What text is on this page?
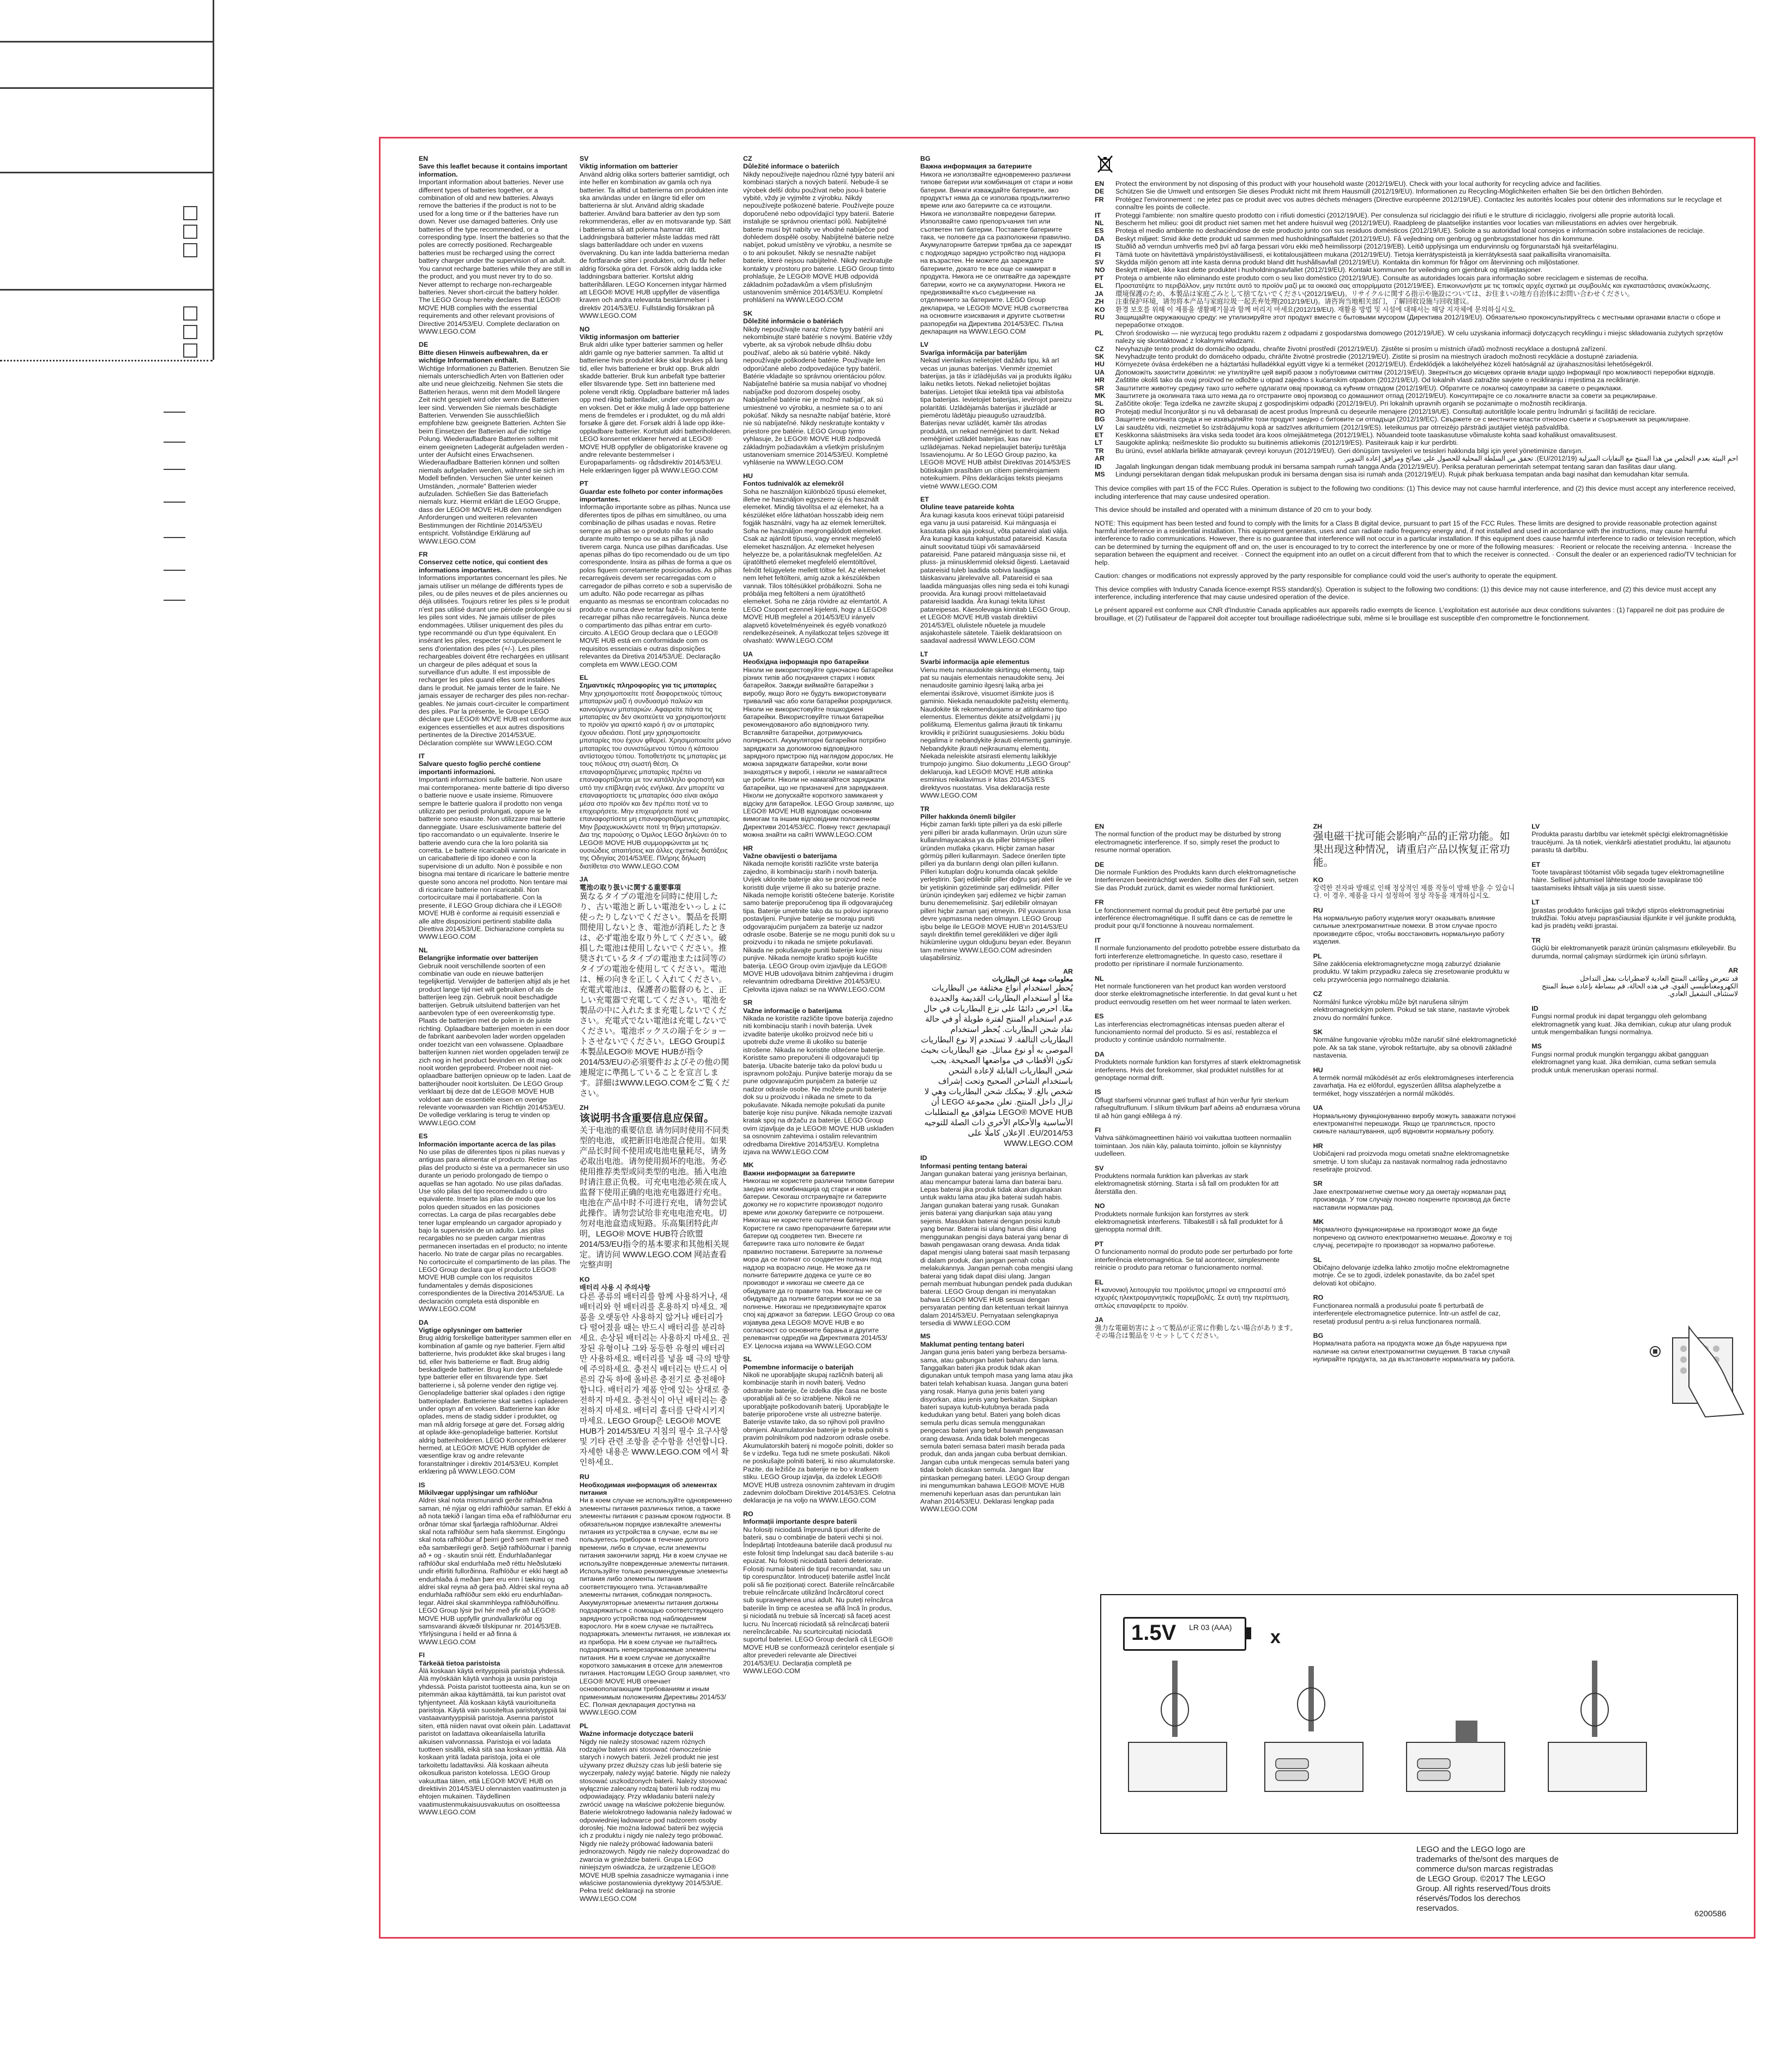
EN
Save this leaflet because it contains important information.

Important information about batteries. Never use different types of batteries together, or a combination of old and new batteries. Always remove the batteries if the product is not to be used for a long time or if the batteries have run down. Never use damaged batteries. Only use batteries of the type recommended, or a corresponding type. Insert the batteries so that the poles are correctly positioned. Rechargeable batteries must be recharged using the correct battery charger under the supervision of an adult. You cannot recharge batteries while they are still in the product, and you must never try to do so. Never attempt to recharge non-rechargeable batteries. Never short-circuit the battery holder. The LEGO Group hereby declares that LEGO® MOVE HUB complies with the essential requirements and other relevant provisions of Directive 2014/53/EU. Complete declaration on WWW.LEGO.COM

DE
Bitte diesen Hinweis aufbewahren, da er wichtige Informationen enthält.

Wichtige Informationen zu Batterien. Benutzen Sie niemals unterschiedlich Arten von Batterien oder alte und neue gleichzeitig. Nehmen Sie stets die Batterien heraus, wenn mit dem Modell längere Zeit nicht gespielt wird oder wenn die Batterien leer sind. Verwenden Sie niemals beschädigte Batterien. Verwenden Sie ausschließlich empfohlene bzw. geeignete Batterien. Achten Sie beim Einsetzen der Batterien auf die richtige Polung. Wiederaufladbare Batterien sollten mit einem geeigneten Ladegerät aufgeladen werden - unter der Aufsicht eines Erwachsenen. Wiederaufladbare Batterien können und sollten niemals aufgeladen werden, während sie sich im Modell befinden. Versuchen Sie unter keinen Umständen, „normale" Batterien wieder aufzuladen. Schließen Sie das Batteriefach niemals kurz. Hiermit erklärt die LEGO Gruppe, dass der LEGO® MOVE HUB den notwendigen Anforderungen und weiteren relevanten Bestimmungen der Richtlinie 2014/53/EU entspricht. Vollständige Erklärung auf WWW.LEGO.COM

FR
Conservez cette notice, qui contient des informations importantes.

Informations importantes concernant les piles. Ne jamais utiliser un mélange de différents types de piles, ou de piles neuves et de piles anciennes ou déjà utilisées. Toujours retirer les piles si le produit n'est pas utilisé durant une période prolongée ou si les piles sont vides. Ne jamais utiliser de piles endommagées. Utiliser uniquement des piles du type recommandé ou d'un type équivalent. En insérant les piles, respecter scrupuleusement le sens d'orientation des piles (+/-). Les piles rechargeables doivent être rechargées en utilisant un chargeur de piles adéquat et sous la surveillance d'un adulte. Il est impossible de recharger les piles quand elles sont installées dans le produit. Ne jamais tenter de le faire. Ne jamais essayer de recharger des piles non-rechar- geables. Ne jamais court-circuiter le compartiment des piles. Par la présente, le Groupe LEGO déclare que LEGO® MOVE HUB est conforme aux exigences essentielles et aux autres dispositions pertinentes de la Directive 2014/53/UE. Déclaration complète sur WWW.LEGO.COM

IT
Salvare questo foglio perché contiene importanti informazioni.

Importanti informazioni sulle batterie. Non usare mai contemporanea- mente batterie di tipo diverso o batterie nuove e usate insieme. Rimuovere sempre le batterie qualora il prodotto non venga utilizzato per periodi prolungati, oppure se le batterie sono esauste. Non utilizzare mai batterie danneggiate. Usare esclusivamente batterie del tipo raccomandato o un equivalente. Inserire le batterie avendo cura che la loro polarità sia corretta. Le batterie ricaricabili vanno ricaricate in un caricabatterie di tipo idoneo e con la supervisione di un adulto. Non è possibile e non bisogna mai tentare di ricaricare le batterie mentre queste sono ancora nel prodotto. Non tentare mai di ricaricare batterie non ricaricabili. Non cortocircuitare mai il portabatterie. Con la presente, il LEGO Group dichiara che il LEGO® MOVE HUB è conforme ai requisiti essenziali e alle altre disposizioni pertinenti stabilite dalla Direttiva 2014/53/UE. Dichiarazione completa su WWW.LEGO.COM

NL
Belangrijke informatie over batterijen

Gebruik nooit verschillende soorten of een combinatie van oude en nieuwe batterijen tegelijkertijd. Verwijder de batterijen altijd als je het product lange tijd niet wilt gebruiken of als de batterijen leeg zijn. Gebruik nooit beschadigde batterijen. Gebruik uitsluitend batterijen van het aanbevolen type of een overeenkomstig type. Plaats de batterijen met de polen in de juiste richting. Oplaadbare batterijen moeten in een door de fabrikant aanbevolen lader worden opgeladen onder toezicht van een volwassene. Oplaadbare batterijen kunnen niet worden opgeladen terwijl ze zich nog in het product bevinden en dit mag ook nooit worden geprobeerd. Probeer nooit niet-oplaadbare batterijen opnieuw op te laden. Laat de batterijhouder nooit kortsluiten. De LEGO Group verklaart bij deze dat de LEGO® MOVE HUB voldoet aan de essentiële eisen en overige relevante voorwaarden van Richtlijn 2014/53/EU. De volledige verklaring is terug te vinden op WWW.LEGO.COM

ES
Información importante acerca de las pilas

No use pilas de diferentes tipos ni pilas nuevas y antiguas para alimentar el producto. Retire las pilas del producto si éste va a permanecer sin uso durante un periodo prolongado de tiempo o aquellas se han agotado. No use pilas dañadas. Use sólo pilas del tipo recomendado u otro equivalente. Inserte las pilas de modo que los polos queden situados en las posiciones correctas. La carga de pilas recargables debe tener lugar empleando un cargador apropiado y bajo la supervisión de un adulto. Las pilas recargables no se pueden cargar mientras permanecen insertadas en el producto; no intente hacerlo. No trate de cargar pilas no recargables. No cortocircuite el compartimento de las pilas. The LEGO Group declara que el producto LEGO® MOVE HUB cumple con los requisitos fundamentales y demás disposiciones correspondientes de la Directiva 2014/53/UE. La declaración completa está disponible en WWW.LEGO.COM

DA
Vigtige oplysninger om batterier

Brug aldrig forskellige batterityper sammen eller en kombination af gamle og nye batterier. Fjern altid batterierne, hvis produktet ikke skal bruges i lang tid, eller hvis batterierne er fladt. Brug aldrig beskadigede batterier. Brug kun den anbefalede type batterier eller en tilsvarende type. Sæt batterierne i, så polerne vender den rigtige vej. Genopladelige batterier skal oplades i den rigtige batterioplader. Batterierne skal sættes i opladeren under opsyn af en voksen. Batterierne kan ikke oplades, mens de stadig sidder i produktet, og man må aldrig forsøge at gøre det. Forsøg aldrig at oplade ikke-genopladelige batterier. Kortslut aldrig batteriholderen. LEGO Koncernen erklærer hermed, at LEGO® MOVE HUB opfylder de væsentlige krav og andre relevante foranstaltninger i direktiv 2014/53/EU. Komplet erklæring på WWW.LEGO.COM

IS
Mikilvægar upplýsingar um rafhlöður

Aldrei skal nota mismunandi gerðir rafhlaðna saman, né nýjar og eldri rafhlöður saman. Ef ekki á að nota tækið í langan tíma eða ef rafhlöðurnar eru orðnar tómar skal fjarlægja rafhlöðurnar. Aldrei skal nota rafhlöður sem hafa skemmst. Eingöngu skal nota rafhlöður af þeirri gerð sem mælt er með eða sambærilegri gerð. Setjið rafhlöðurnar í þannig að + og - skautin snúi rétt. Endurhlaðanlegar rafhlöður skal endurhlaða með réttu hleðslutæki undir eftirliti fullorðinna. Rafhlöður er ekki hægt að endurhlaða á meðan þær eru enn í tækinu og aldrei skal reyna að gera það. Aldrei skal reyna að endurhlaða rafhlöður sem ekki eru endurhlaðan- legar. Aldrei skal skammhleypa rafhlöðuhólfinu. LEGO Group lýsir því hér með yfir að LEGO® MOVE HUB uppfyllir grundvallarkröfur og samsvarandi ákvæði tilskipunar nr. 2014/53/EB. Yfirlýsinguna í heild er að finna á WWW.LEGO.COM

FI
Tärkeää tietoa paristoista

Älä koskaan käytä erityyppisiä paristoja yhdessä. Älä myöskään käytä vanhoja ja uusia paristoja yhdessä. Poista paristot tuotteesta aina, kun se on pitemmän aikaa käyttämättä, tai kun paristot ovat tyhjentyneet. Älä koskaan käytä vaurioituneita paristoja. Käytä vain suositeltua paristotyyppiä tai vastaavantyyppisiä paristoja. Asenna paristot siten, että niiden navat ovat oikein päin. Ladattavat paristot on ladattava oikeanlaisella laturilla aikuisen valvonnassa. Paristoja ei voi ladata tuotteen sisällä, eikä sitä saa koskaan yrittää. Älä koskaan yritä ladata paristoja, joita ei ole tarkoitettu ladattaviksi. Älä koskaan aiheuta oikosulkua pariston kotelossa. LEGO Group vakuuttaa täten, että LEGO® MOVE HUB on direktiivin 2014/53/EU olennaisten vaatimusten ja ehtojen mukainen. Täydellinen vaatimustenmukaisuusvakuutus on osoitteessa WWW.LEGO.COM

SV
Viktig information om batterier

Använd aldrig olika sorters batterier samtidigt, och inte heller en kombination av gamla och nya batterier. Ta alltid ut batterierna om produkten inte ska användas under en längre tid eller om batterierna är slut. Använd aldrig skadade batterier. Använd bara batterier av den typ som rekommenderas, eller av en motsvarande typ. Sätt i batterierna så att polerna hamnar rätt. Laddningsbara batterier måste laddas med rätt slags batteriladdare och under en vuxens övervakning. Du kan inte ladda batterierna medan de fortfarande sitter i produkten, och du får heller aldrig försöka göra det. Försök aldrig ladda icke laddningsbara batterier. Kortslut aldrig batterihållaren. LEGO Koncernen intygar härmed att LEGO® MOVE HUB uppfyller de väsentliga kraven och andra relevanta bestämmelser i direktiv 2014/53/EU. Fullständig försäkran på WWW.LEGO.COM

NO
Viktig informasjon om batterier

Bruk aldri ulike typer batterier sammen og heller aldri gamle og nye batterier sammen. Ta alltid ut batteriene hvis produktet ikke skal brukes på lang tid, eller hvis batteriene er brukt opp. Bruk aldri skadde batterier. Bruk kun anbefalt type batterier eller tilsvarende type. Sett inn batteriene med polene vendt riktig. Oppladbare batterier må lades opp med riktig batterilader, under overoppsyn av en voksen. Det er ikke mulig å lade opp batteriene mens de fremdeles er i produktet, og du må aldri forsøke å gjøre det. Forsøk aldri å lade opp ikke-oppladbare batterier. Kortslutt aldri batteriholderen. LEGO konsernet erklærer herved at LEGO® MOVE HUB oppfyller de obligatoriske kravene og andre relevante bestemmelser i Europaparlaments- og rådsdirektiv 2014/53/EU. Hele erklæringen ligger på WWW.LEGO.COM

PT
Guardar este folheto por conter informações importantes.

Informação importante sobre as pilhas. Nunca use diferentes tipos de pilhas em simultâneo, ou uma combinação de pilhas usadas e novas. Retire sempre as pilhas se o produto não for usado durante muito tempo ou se as pilhas já não tiverem carga. Nunca use pilhas danificadas. Use apenas pilhas do tipo recomendado ou de um tipo correspondente. Insira as pilhas de forma a que os polos fiquem corretamente posicionados. As pilhas recarregáveis devem ser recarregadas com o carregador de pilhas correto e sob a supervisão de um adulto. Não pode recarregar as pilhas enquanto as mesmas se encontram colocadas no produto e nunca deve tentar fazê-lo. Nunca tente recarregar pilhas não recarregáveis. Nunca deixe o compartimento das pilhas entrar em curto-circuito. A LEGO Group declara que o LEGO® MOVE HUB está em conformidade com os requisitos essenciais e outras disposições relevantes da Diretiva 2014/53/UE. Declaração completa em WWW.LEGO.COM

EL
Σημαντικές πληροφορίες για τις μπαταρίες

Μην χρησιμοποιείτε ποτέ διαφορετικούς τύπους μπαταριών μαζί ή συνδυασμό παλιών και καινούργιων μπαταριών. Αφαιρείτε πάντα τις μπαταρίες αν δεν σκοπεύετε να χρησιμοποιήσετε το προϊόν για αρκετό καιρό ή αν οι μπαταρίες έχουν αδειάσει. Ποτέ μην χρησιμοποιείτε μπαταρίες που έχουν φθαρεί. Χρησιμοποιείτε μόνο μπαταρίες του συνιστώμενου τύπου ή κάποιου αντίστοιχου τύπου. Τοποθετήστε τις μπαταρίες με τους πόλους στη σωστή θέση. Οι επαναφορτιζόμενες μπαταρίες πρέπει να επαναφορτίζονται με τον κατάλληλο φορτιστή και υπό την επίβλεψη ενός ενήλικα. Δεν μπορείτε να επαναφορτίσετε τις μπαταρίες όσο είναι ακόμα μέσα στο προϊόν και δεν πρέπει ποτέ να το επιχειρήσετε. Μην επιχειρήσετε ποτέ να επαναφορτίσετε μη επαναφορτιζόμενες μπαταρίες. Μην βραχυκυκλώνετε ποτέ τη θήκη μπαταριών. Δια της παρούσης ο Όμιλος LEGO δηλώνει ότι το LEGO® MOVE HUB συμμορφώνεται με τις ουσιώδεις απαιτήσεις και άλλες σχετικές διατάξεις της Οδηγίας 2014/53/ΕΕ. Πλήρης δήλωση διατίθεται στο WWW.LEGO.COM

JA
電池の取り扱いに関する重要事項

異なるタイプの電池を同時に使用したり、古い電池と新しい電池をいっしょに使ったりしないでください。製品を長期間使用しないとき、電池が消耗したときは、必ず電池を取り外してください。破損した電池は使用しないでください。推奨されているタイプの電池または同等のタイプの電池を使用してください。電池は、極の向きを正しく入れてください。充電式電池は、保護者の監督のもと、正しい充電器で充電してください。電池を製品の中に入れたまま充電しないでください。充電式でない電池は充電しないでください。電池ボックスの端子をショートさせないでください。LEGO Groupは本製品LEGO® MOVE HUBが指令2014/53/EUの必須要件およびその他の関連規定に準拠していることを宣言します。詳細はWWW.LEGO.COMをご覧ください。

ZH
该说明书含重要信息应保留。

关于电池的重要信息 请勿同时使用不同类型的电池，或把新旧电池混合使用。如果产品长时间不使用或电池电量耗尽，请务必取出电池。请勿使用损坏的电池。务必使用推荐类型或同类型的电池。插入电池时请注意正负极。可充电电池必须在成人监督下使用正确的电池充电器进行充电。电池在产品中时不可进行充电，请勿尝试此操作。请勿尝试给非充电电池充电。切勿对电池盒造成短路。乐高集团特此声明，LEGO® MOVE HUB符合欧盟2014/53/EU指令的基本要求和其他相关规定。请访问 WWW.LEGO.COM 网站查看完整声明

KO
배터리 사용 시 주의사항

다른 종류의 배터리를 함께 사용하거나, 새 배터리와 헌 배터리를 혼용하지 마세요. 제품을 오랫동안 사용하지 않거나 배터리가 다 떨어졌을 때는 반드시 배터리를 분리하세요. 손상된 배터리는 사용하지 마세요. 권장된 유형이나 그와 동등한 유형의 배터리만 사용하세요. 배터리를 넣을 때 극의 방향에 주의하세요. 충전식 배터리는 반드시 어른의 감독 하에 올바른 충전기로 충전해야 합니다. 배터리가 제품 안에 있는 상태로 충전하지 마세요. 충전식이 아닌 배터리는 충전하지 마세요. 배터리 홀더를 단락시키지 마세요. LEGO Group은 LEGO® MOVE HUB가 2014/53/EU 지침의 필수 요구사항 및 기타 관련 조항을 준수함을 선언합니다. 자세한 내용은 WWW.LEGO.COM 에서 확인하세요.

RU
Необходимая информация об элементах питания

Ни в коем случае не используйте одновременно элементы питания различных типов, а также элементы питания с разным сроком годности. В обязательном порядке извлекайте элементы питания из устройства в случае, если вы не пользуетесь прибором в течение долгого времени, либо в случае, если элементы питания закончили заряд. Ни в коем случае не используйте поврежденные элементы питания. Используйте только рекомендуемые элементы питания либо элементы питания соответствующего типа. Устанавливайте элементы питания, соблюдая полярность. Аккумуляторные элементы питания должны подзаряжаться с помощью соответствующего зарядного устройства под наблюдением взрослого. Ни в коем случае не пытайтесь подзаряжать элементы питания, не извлекая их из прибора. Ни в коем случае не пытайтесь подзаряжать неперезаряжаемые элементы питания. Ни в коем случае не допускайте короткого замыкания в отсеке для элементов питания. Настоящим LEGO Group заявляет, что LEGO® MOVE HUB отвечает основополагающим требованиям и иным применимым положениям Директивы 2014/53/ЕС. Полная декларация доступна на WWW.LEGO.COM

PL
Ważne informacje dotyczące baterii

Nigdy nie należy stosować razem różnych rodzajów baterii ani stosować równocześnie starych i nowych baterii. Jeżeli produkt nie jest używany przez dłuższy czas lub jeśli baterie się wyczerpały, należy wyjąć baterie. Nigdy nie należy stosować uszkodzonych baterii. Należy stosować wyłącznie zalecany rodzaj baterii lub rodzaj mu odpowiadający. Przy wkładaniu baterii należy zwrócić uwagę na właściwe położenie biegunów. Baterie wielokrotnego ładowania należy ładować w odpowiedniej ładowarce pod nadzorem osoby dorosłej. Nie można ładować baterii bez wyjęcia ich z produktu i nigdy nie należy tego próbować. Nigdy nie należy próbować ładowania baterii jednorazowych. Nigdy nie należy doprowadzać do zwarcia w gnieździe baterii. Grupa LEGO niniejszym oświadcza, że urządzenie LEGO® MOVE HUB spełnia zasadnicze wymagania i inne właściwe postanowienia dyrektywy 2014/53/UE. Pełna treść deklaracji na stronie WWW.LEGO.COM

CZ
Důležité informace o bateriích

Nikdy nepoužívejte najednou různé typy baterií ani kombinaci starých a nových baterií. Nebude-li se výrobek delší dobu používat nebo jsou-li baterie vybité, vždy je vyjměte z výrobku. Nikdy nepoužívejte poškozené baterie. Používejte pouze doporučené nebo odpovídající typy baterií. Baterie instalujte se správnou orientací pólů. Nabíjitelné baterie musí být nabíty ve vhodné nabíječce pod dohledem dospělé osoby. Nabíjitelné baterie nelze nabíjet, pokud umístěny ve výrobku, a nesmíte se o to ani pokoušet. Nikdy se nesnažte nabíjet baterie, které nejsou nabíjitelné. Nikdy nezkratujte kontakty v prostoru pro baterie. LEGO Group tímto prohlašuje, že LEGO® MOVE HUB odpovídá základním požadavkům a všem příslušným ustanovením směrnice 2014/53/EU. Kompletní prohlášení na WWW.LEGO.COM

SK
Dôležité informácie o batériách

Nikdy nepoužívajte naraz rôzne typy batérií ani nekombinujte staré batérie s novými. Batérie vždy vyberte, ak sa výrobok nebude dlhšiu dobu používať, alebo ak sú batérie vybité. Nikdy nepoužívajte poškodené batérie. Používajte len odporúčané alebo zodpovedajúce typy batérií. Batérie vkladajte so správnou orientáciou pólov. Nabíjateľné batérie sa musia nabíjať vo vhodnej nabíjačke pod dozorom dospelej osoby. Nabíjateľné batérie nie je možné nabíjať, ak sú umiestnené vo výrobku, a nesmiete sa o to ani pokúšať. Nikdy sa nesnažte nabíjať batérie, ktoré nie sú nabíjateľné. Nikdy neskratujte kontakty v priestore pre batérie. LEGO Group týmto vyhlasuje, že LEGO® MOVE HUB zodpovedá základným požiadavkám a všetkým príslušným ustanoveniam smernice 2014/53/EÚ. Kompletné vyhlásenie na WWW.LEGO.COM

HU
Fontos tudnivalók az elemekről

Soha ne használjon különböző típusú elemeket, illetve ne használjon egyszerre új és használt elemeket. Mindig távolítsa el az elemeket, ha a készüléket előre láthatóan hosszabb ideig nem fogják használni, vagy ha az elemek lemerültek. Soha ne használjon megrongálódott elemeket. Csak az ajánlott típusú, vagy ennek megfelelő elemeket használjon. Az elemeket helyesen helyezze be, a polaritásuknak megfelelően. Az újratölthető elemeket megfelelő elemtöltővel, felnőtt felügyelete mellett töltse fel. Az elemeket nem lehet feltölteni, amíg azok a készülékben vannak. Tilos töltésükkel próbálkozni. Soha ne próbálja meg feltölteni a nem újratölthető elemeket. Soha ne zárja rövidre az elemtartót. A LEGO Csoport ezennel kijelenti, hogy a LEGO® MOVE HUB megfelel a 2014/53/EU irányelv alapvető követelményeinek és egyéb vonatkozó rendelkezéseinek. A nyilatkozat teljes szövege itt olvasható: WWW.LEGO.COM

UA
Необхідна інформація про батарейки

Ніколи не використовуйте одночасно батарейки різних типів або поєднання старих і нових батарейок. Завжди виймайте батарейки з виробу, якщо його не будуть використовувати тривалий час або коли батарейки розрядилися. Ніколи не використовуйте пошкоджені батарейки. Використовуйте тільки батарейки рекомендованого або відповідного типу. Вставляйте батарейки, дотримуючись полярності. Акумуляторні батарейки потрібно заряджати за допомогою відповідного зарядного пристрою під наглядом дорослих. Не можна заряджати батарейки, коли вони знаходяться у виробі, і ніколи не намагайтеся це робити. Ніколи не намагайтеся заряджати батарейки, що не призначені для заряджання. Ніколи не допускайте короткого замикання у відсіку для батарейок. LEGO Group заявляє, що LEGO® MOVE HUB відповідає основним вимогам та іншим відповідним положенням Директиви 2014/53/ЄС. Повну текст декларації можна знайти на сайті WWW.LEGO.COM

HR
Važne obavijesti o baterijama

Nikada nemojte koristiti različite vrste baterija zajedno, ili kombinaciju starih i novih baterija. Uvijek uklonite baterije ako se proizvod neće koristiti dulje vrijeme ili ako su baterije prazne. Nikada nemojte koristiti oštećene baterije. Koristite samo baterije preporučenog tipa ili odgovarajućeg tipa. Baterije umetnite tako da su polovi ispravno postavljeni. Punjive baterije se moraju puniti odgovarajućim punjačem za baterije uz nadzor odrasle osobe. Baterije se ne mogu puniti dok su u proizvodu i to nikada ne smijete pokušavati. Nikada ne pokušavajte puniti baterije koje nisu punjive. Nikada nemojte kratko spojiti kućište baterija. LEGO Group ovim izjavljuje da LEGO® MOVE HUB udovoljava bitnim zahtjevima i drugim relevantnim odredbama Direktive 2014/53/EU. Cjelovita izjava nalazi se na WWW.LEGO.COM

SR
Važne informacije o baterijama

Nikada ne koristite različite tipove baterija zajedno niti kombinaciju starih i novih baterija. Uvek izvadite baterije ukoliko proizvod neće biti u upotrebi duže vreme ili ukoliko su baterije istrošene. Nikada ne koristite oštećene baterije. Koristite samo preporučeni ili odgovarajući tip baterija. Ubacite baterije tako da polovi budu u ispravnom položaju. Punjive baterije moraju da se pune odgovarajućim punjačem za baterije uz nadzor odrasle osobe. Ne možete puniti baterije dok su u proizvodu i nikada ne smete to da pokušavate. Nikada nemojte pokušati da punite baterije koje nisu punjive. Nikada nemojte izazvati kratak spoj na držaču za baterije. LEGO Group ovim izjavljuje da je LEGO® MOVE HUB usklađen sa osnovnim zahtevima i ostalim relevantnim odredbama Direktive 2014/53/EU. Kompletna izjava na WWW.LEGO.COM

MK
Важни информации за батериите

Никогаш не користете различни типови батерии заедно или комбинација од стари и нови батерии. Секогаш отстранувајте ги батериите доколку не го користите производот подолго време или доколку батериите се потрошени. Никогаш не користете оштетени батерии. Користете ги само препорачаните батерии или батерии од соодветен тип. Внесете ги батериите така што половите ќе бидат правилно поставени. Батериите за полнење мора да се полнат со соодветен полнач под надзор на возрасно лице. Не може да ги полните батериите додека се уште се во производот и никогаш не смеете да се обидувате да го правите тоа. Никогаш не се обидувајте да полните батерии кои не се за полнење. Никогаш не предизвикувајте краток спој кај држачот за батерии. LEGO Group со ова изјавува дека LEGO® MOVE HUB е во согласност со основните барања и другите релевантни одредби на Директивата 2014/53/ЕУ. Целосна изјава на WWW.LEGO.COM

SL
Pomembne informacije o baterijah

Nikoli ne uporabljajte skupaj različnih baterij ali kombinacije starih in novih baterij. Vedno odstranite baterije, če izdelka dlje časa ne boste uporabljali ali če so izrabljene. Nikoli ne uporabljajte poškodovanih baterij. Uporabljajte le baterije priporočene vrste ali ustrezne baterije. Baterije vstavite tako, da so njihovi poli pravilno obrnjeni. Akumulatorske baterije je treba polniti s pravim polnilnikom pod nadzorom odrasle osebe. Akumulatorskih baterij ni mogoče polniti, dokler so še v izdelku. Tega tudi ne smete poskušati. Nikoli ne poskušajte polniti baterij, ki niso akumulatorske. Pazite, da ležišče za baterije ne bo v kratkem stiku. LEGO Group izjavlja, da izdelek LEGO® MOVE HUB ustreza osnovnim zahtevam in drugim zadevnim določbam Direktive 2014/53/ES. Celotna deklaracija je na voljo na WWW.LEGO.COM

RO
Informații importante despre baterii

Nu folosiți niciodată împreună tipuri diferite de baterii, sau o combinație de baterii vechi și noi. Îndepărtați întotdeauna bateriile dacă produsul nu este folosit timp îndelungat sau dacă bateriile s-au epuizat. Nu folosiți niciodată baterii deteriorate. Folosiți numai baterii de tipul recomandat, sau un tip corespunzător. Introduceți bateriile astfel încât polii să fie poziționați corect. Bateriile reîncărcabile trebuie reîncărcate utilizând încărcătorul corect sub supravegherea unui adult. Nu puteți reîncărca bateriile în timp ce acestea se află încă în produs, și niciodată nu trebuie să încercați să faceți acest lucru. Nu încercați niciodată să reîncărcați baterii nereîncărcabile. Nu scurtcircuitați niciodată suportul bateriei. LEGO Group declară că LEGO® MOVE HUB se conformează cerințelor esențiale și altor prevederi relevante ale Directivei 2014/53/EU. Declarația completă pe WWW.LEGO.COM

BG
Важна информация за батериите

Никога не използвайте едновременно различни типове батерии или комбинация от стари и нови батерии. Винаги изваждайте батериите, ако продуктът няма да се използва продължително време или ако батериите са се изтощили. Никога не използвайте повредени батерии. Използвайте само препоръчания тип или съответен тип батерии. Поставете батериите така, че половете да са разположени правилно. Акумулаторните батерии трябва да се зареждат с подходящо зарядно устройство под надзора на възрастен. Не можете да зареждате батериите, докато те все още се намират в продукта. Никога не се опитвайте да зареждате батерии, които не са акумулаторни. Никога не предизвиквайте късо съединение на отделението за батериите. LEGO Group декларира, че LEGO® MOVE HUB съответства на основните изисквания и другите съответни разпоредби на Директива 2014/53/ЕС. Пълна декларация на WWW.LEGO.COM

LV
Svarīga informācija par baterijām

Nekad vienlaikus nelietojiet dažādu tipu, kā arī vecas un jaunas baterijas. Vienmēr izņemiet baterijas, ja tās ir izlādējušās vai ja produkts ilgāku laiku netiks lietots. Nekad nelietojiet bojātas baterijas. Lietojiet tikai ieteiktā tipa vai atbilstoša tipa baterijas. Ievietojiet baterijas, ievērojot pareizu polaritāti. Uzlādējamās baterijas ir jāuzlādē ar piemērotu lādētāju pieaugušo uzraudzībā. Baterijas nevar uzlādēt, kamēr tās atrodas produktā, un nekad nemēģiniet to darīt. Nekad nemēģiniet uzlādēt baterijas, kas nav uzlādējamas. Nekad nepieļaujiet bateriju turētāja īssavienojumu. Ar šo LEGO Group paziņo, ka LEGO® MOVE HUB atbilst Direktīvas 2014/53/ES būtiskajām prasībām un citiem piemērojamiem noteikumiem. Pilns deklarācijas teksts pieejams vietnē WWW.LEGO.COM

ET
Oluline teave patareide kohta

Ära kunagi kasuta koos erinevat tüüpi patareisid ega vanu ja uusi patareisid. Kui mänguasja ei kasutata pika aja jooksul, võta patareid alati välja. Ära kunagi kasuta kahjustatud patareisid. Kasuta ainult soovitatud tüüpi või samaväärseid patareisid. Pane patareid mänguasja sisse nii, et pluss- ja miinusklemmid oleksid õigesti. Laetavaid patareisid tuleb laadida sobiva laadijaga täiskasvanu järelevalve all. Patareisid ei saa laadida mänguasjas olles ning seda ei tohi kunagi proovida. Ära kunagi proovi mittelaetavaid patareisid laadida. Ära kunagi tekita lühist patareipesas. Käesolevaga kinnitab LEGO Group, et LEGO® MOVE HUB vastab direktiivi 2014/53/EL olulistele nõuetele ja muudele asjakohastele sätetele. Täielik deklaratsioon on saadaval aadressil WWW.LEGO.COM

LT
Svarbi informacija apie elementus

Vienu metu nenaudokite skirtingų elementų, taip pat su naujais elementais nenaudokite senų. Jei nenaudosite gaminio ilgesnį laiką arba jei elementai išsikrovė, visuomet išimkite juos iš gaminio. Niekada nenaudokite pažeistų elementų. Naudokite tik rekomenduojamo ar atitinkamo tipo elementus. Elementus dėkite atsižvelgdami į jų poliškumą. Elementus galima įkrauti tik tinkamu kroviklių ir prižiūrint suaugusiesiems. Jokiu būdu negalima ir nebandykite įkrauti elementų gaminyje. Nebandykite įkrauti neįkraunamų elementų. Niekada neleiskite atsirasti elementų laikiklyje trumpojo jungimo. Šiuo dokumentu „LEGO Group" deklaruoja, kad LEGO® MOVE HUB atitinka esminius reikalavimus ir kitas 2014/53/ES direktyvos nuostatas. Visa deklaracija reste WWW.LEGO.COM

TR
Piller hakkında önemli bilgiler

Hiçbir zaman farklı tipte pilleri ya da eski pillerle yeni pilleri bir arada kullanmayın. Ürün uzun süre kullanılmayacaksa ya da piller bitmişse pilleri üründen mutlaka çıkarın. Hiçbir zaman hasar görmüş pilleri kullanmayın. Sadece önerilen tipte pilleri ya da bunların dengi olan pilleri kullanın. Pilleri kutupları doğru konumda olacak şekilde yerleştirin. Şarj edilebilir piller doğru şarj aleti ile ve bir yetişkinin gözetiminde şarj edilmelidir. Piller ürünün içindeyken şarj edilemez ve hiçbir zaman bunu denememelisiniz. Şarj edilebilir olmayan pilleri hiçbir zaman şarj etmeyin. Pil yuvasının kısa devre yapmasına neden olmayın. LEGO Group işbu belge ile LEGO® MOVE HUB'ın 2014/53/EU sayılı direktifin temel gereklilikleri ve diğer ilgili hükümlerine uygun olduğunu beyan eder. Beyanın tam metnine WWW.LEGO.COM adresinden ulaşabilirsiniz.

AR
معلومات مهمة عن البطاريات

يُحظر استخدام أنواع مختلفة من البطاريات معًا أو استخدام البطاريات القديمة والجديدة معًا. احرص دائمًا على نزع البطاريات في حال عدم استخدام المنتج لفترة طويلة أو في حالة نفاد شحن البطاريات. يُحظر استخدام البطاريات التالفة. لا تستخدم إلا نوع البطاريات الموصى به أو نوع مماثل. ضع البطاريات بحيث تكون الأقطاب في مواضعها الصحيحة. يجب شحن البطاريات القابلة لإعادة الشحن باستخدام الشاحن الصحيح وتحت إشراف شخص بالغ. لا يمكنك شحن البطاريات وهي لا تزال داخل المنتج. تعلن مجموعة LEGO أن LEGO® MOVE HUB متوافق مع المتطلبات الأساسية والأحكام الأخرى ذات الصلة للتوجيه 2014/53/EU. الإعلان كاملًا على WWW.LEGO.COM

ID
Informasi penting tentang baterai

Jangan gunakan baterai yang jenisnya berlainan, atau mencampur baterai lama dan baterai baru. Lepas baterai jika produk tidak akan digunakan untuk waktu lama atau jika baterai sudah habis. Jangan gunakan baterai yang rusak. Gunakan jenis baterai yang dianjurkan saja atau yang sejenis. Masukkan baterai dengan posisi kutub yang benar. Baterai isi ulang harus diisi ulang menggunakan pengisi daya baterai yang benar di bawah pengawasan orang dewasa. Anda tidak dapat mengisi ulang baterai saat masih terpasang di dalam produk, dan jangan pernah coba melakukannya. Jangan pernah coba mengisi ulang baterai yang tidak dapat diisi ulang. Jangan pernah membuat hubungan pendek pada dudukan baterai. LEGO Group dengan ini menyatakan bahwa LEGO® MOVE HUB sesuai dengan persyaratan penting dan ketentuan terkait lainnya dalam 2014/53/EU. Pernyataan selengkapnya tersedia di WWW.LEGO.COM

MS
Maklumat penting tentang bateri

Jangan guna jenis bateri yang berbeza bersama-sama, atau gabungan bateri baharu dan lama. Tanggalkan bateri jika produk tidak akan digunakan untuk tempoh masa yang lama atau jika bateri telah kehabisan kuasa. Jangan guna bateri yang rosak. Hanya guna jenis bateri yang disyorkan, atau jenis yang berkaitan. Sisipkan bateri supaya kutub-kutubnya berada pada kedudukan yang betul. Bateri yang boleh dicas semula perlu dicas semula menggunakan pengecas bateri yang betul bawah pengawasan orang dewasa. Anda tidak boleh mengecas semula bateri semasa bateri masih berada pada produk, dan anda jangan cuba berbuat demikian. Jangan cuba untuk mengecas semula bateri yang tidak boleh dicaskan semula. Jangan litar pintaskan pemegang bateri. LEGO Group dengan ini mengumumkan bahawa LEGO® MOVE HUB memenuhi keperluan asas dan peruntukan lain Arahan 2014/53/EU. Deklarasi lengkap pada WWW.LEGO.COM

EN	Protect the environment by not disposing of this product with your household waste (2012/19/EU). Check with your local authority for recycling advice and facilities.
DE	Schützen Sie die Umwelt und entsorgen Sie dieses Produkt nicht mit Ihrem Hausmüll (2012/19/EU). Informationen zu Recycling-Möglichkeiten erhalten Sie bei den örtlichen Behörden.
FR	Protégez l'environnement : ne jetez pas ce produit avec vos autres déchets ménagers (Directive européenne 2012/19/UE). Contactez les autorités locales pour obtenir des informations sur le recyclage et connaître les points de collecte.
IT	Proteggi l'ambiente: non smaltire questo prodotto con i rifiuti domestici (2012/19/UE). Per consulenza sul riciclaggio dei rifiuti e le strutture di riciclaggio, rivolgersi alle proprie autorità locali.
NL	Bescherm het milieu: gooi dit product niet samen met het andere huisvuil weg (2012/19/EU). Raadpleeg de plaatselijke instanties voor locaties van milieustations en advies over hergebruik.
ES	Proteja el medio ambiente no deshaciéndose de este producto junto con sus residuos domésticos (2012/19/UE). Solicite a su autoridad local consejos e información sobre instalaciones de reciclaje.
DA	Beskyt miljøet: Smid ikke dette produkt ud sammen med husholdningsaffaldet (2012/19/EU). Få vejledning om genbrug og genbrugsstationer hos din kommune.
IS	Stuðlið að verndun umhverfis með því að farga þessari vöru ekki með heimilissorpi (2012/19/EB). Leitið upplýsinga um endurvinnslu og förgunarstaði hjá sveitarfélaginu.
FI	Tämä tuote on hävitettävä ympäristöystävällisesti, ei kotitalousjätteen mukana (2012/19/EU). Tietoja kierrätyspisteistä ja kierrätyksestä saat paikallisilta viranomaisilta.
SV	Skydda miljön genom att inte kasta denna produkt bland ditt hushållsavfall (2012/19/EU). Kontakta din kommun för frågor om återvinning och miljöstationer.
NO	Beskytt miljøet, ikke kast dette produktet i husholdningsavfallet (2012/19/EU). Kontakt kommunen for veiledning om gjenbruk og miljøstasjoner.
PT	Proteja o ambiente não eliminando este produto com o seu lixo doméstico (2012/19/UE). Consulte as autoridades locais para informação sobre reciclagem e sistemas de recolha.
EL	Προστατέψτε το περιβάλλον, μην πετάτε αυτό το προϊόν μαζί με τα οικιακά σας απορρίμματα (2012/19/ΕΕ). Επικοινωνήστε με τις τοπικές αρχές σχετικά με συμβουλές και εγκαταστάσεις ανακύκλωσης.
JA	環境保護のため、本製品は家庭ごみとして捨てないでください(2012/19/EU)。リサイクルに関する指示や施設については、お住まいの地方自治体にお問い合わせください。
ZH	注重保护环境，请勿将本产品与家庭垃圾一起丢弃处理(2012/19/EU)。请咨询当地相关部门，了解回收设施与回收建议。
KO	환경 보호를 위해 이 제품을 생활폐기물과 함께 버리지 마세요(2012/19/EU). 재활용 방법 및 시설에 대해서는 해당 지자체에 문의하십시오.
RU	Защищайте окружающую среду: не утилизируйте этот продукт вместе с бытовыми мусором (Директива 2012/19/EU). Обязательно проконсультируйтесь с местными органами власти о сборе и переработке отходов.
PL	Chroń środowisko — nie wyrzucaj tego produktu razem z odpadami z gospodarstwa domowego (2012/19/UE). W celu uzyskania informacji dotyczących recyklingu i miejsc składowania zużytych sprzętów należy się skontaktować z lokalnymi władzami.
CZ	Nevyhazujte tento produkt do domácího odpadu, chraňte životní prostředí (2012/19/EU). Zjistěte si prosím u místních úřadů možnosti recyklace a dostupná zařízení.
SK	Nevyhadzujte tento produkt do domáceho odpadu, chráňte životné prostredie (2012/19/EÚ). Zistite si prosím na miestnych úradoch možnosti recyklácie a dostupné zariadenia.
HU	Környezete óvása érdekében ne a háztartási hulladékkal együtt vigye ki a terméket (2012/19/EU). Érdeklődjék a lakóhelyéhez közeli hatóságnál az újrahasznosítási lehetőségekről.
UA	Допоможіть захистити довкілля: не утилізуйте цей виріб разом з побутовими сміттям (2012/19/EU). Зверніться до місцевих органів влади щодо інформації про можливості переробки відходів.
HR	Zaštitite okoliš tako da ovaj proizvod ne odložite u otpad zajedno s kućanskim otpadom (2012/19/EU). Od lokalnih vlasti zatražite savjete o recikliranju i mjestima za recikliranje.
SR	Заштитите животну средину тако што нећете одлагати овај производ са кућним отпадом (2012/19/EU). Обратите се локалној самоуправи за савете о рециклажи.
MK	Заштитете ја околината така што нема да го отстраните овој производ со домашниот отпад (2012/19/EU). Консултирајте се со локалните власти за совети за рециклирање.
SL	Zaščitite okolje: Tega izdelka ne zavrzite skupaj z gospodinjskimi odpadki (2012/19/EU). Pri lokalnih upravnih organih se pozanimajte o možnostih recikliranja.
RO	Protejați mediul înconjurător și nu vă debarasați de acest produs împreună cu deșeurile menajere (2012/19/UE). Consultați autoritățile locale pentru îndrumări și facilități de reciclare.
BG	Защитете околната среда и не изхвърляйте този продукт заедно с битовите си отпадъци (2012/19/ЕС). Свържете се с местните власти относно съвети и съоръжения за рециклиране.
LV	Lai saudzētu vidi, neizmetiet šo izstrādājumu kopā ar sadzīves atkritumiem (2012/19/ES). Ieteikumus par otrreizējo pārstrādi jautājiet vietējā pašvaldībā.
ET	Keskkonna säästmiseks ära viska seda toodet ära koos olmejäätmetega (2012/19/EL). Nõuandeid toote taaskasutuse võimaluste kohta saad kohalikust omavalitsusest.
LT	Saugokite aplinką: neišmeskite šio produkto su buitinėmis atliekomis (2012/19/ES). Pasiteirauk kaip ir kur perdirbti.
TR	Bu ürünü, evsel atıklarla birlikte atmayarak çevreyi koruyun (2012/19/EU). Geri dönüşüm tavsiyeleri ve tesisleri hakkında bilgi için yerel yönetiminize danışın.
AR	احمِ البيئة بعدم التخلص من هذا المنتج مع النفايات المنزلية (2012/19/EU). تحقق من السلطة المحلية للحصول على نصائح ومرافق إعادة التدوير.
ID	Jagalah lingkungan dengan tidak membuang produk ini bersama sampah rumah tangga Anda (2012/19/EU). Periksa peraturan pemerintah setempat tentang saran dan fasilitas daur ulang.
MS	Lindungi persekitaran dengan tidak melupuskan produk ini bersama dengan sisa isi rumah anda (2012/19/EU). Rujuk pihak berkuasa tempatan anda bagi nasihat dan kemudahan kitar semula.

This device complies with part 15 of the FCC Rules. Operation is subject to the following two conditions: (1) This device may not cause harmful interference, and (2) this device must accept any interference received, including interference that may cause undesired operation.

This device should be installed and operated with a minimum distance of 20 cm to your body.

NOTE: This equipment has been tested and found to comply with the limits for a Class B digital device, pursuant to part 15 of the FCC Rules. These limits are designed to provide reasonable protection against harmful interference in a residential installation. This equipment generates, uses and can radiate radio frequency energy and, if not installed and used in accordance with the instructions, may cause harmful interference to radio communications. However, there is no guarantee that interference will not occur in a particular installation. If this equipment does cause harmful interference to radio or television reception, which can be determined by turning the equipment off and on, the user is encouraged to try to correct the interference by one or more of the following measures: · Reorient or relocate the receiving antenna. · Increase the separation between the equipment and receiver. · Connect the equipment into an outlet on a circuit different from that to which the receiver is connected. · Consult the dealer or an experienced radio/TV technician for help.

Caution: changes or modifications not expressly approved by the party responsible for compliance could void the user's authority to operate the equipment.

This device complies with Industry Canada licence-exempt RSS standard(s). Operation is subject to the following two conditions: (1) this device may not cause interference, and (2) this device must accept any interference, including interference that may cause undesired operation of the device.

Le présent appareil est conforme aux CNR d'Industrie Canada applicables aux appareils radio exempts de licence. L'exploitation est autorisée aux deux conditions suivantes : (1) l'appareil ne doit pas produire de brouillage, et (2) l'utilisateur de l'appareil doit accepter tout brouillage radioélectrique subi, même si le brouillage est susceptible d'en compromettre le fonctionnement.

EN

The normal function of the product may be disturbed by strong electromagnetic interference. If so, simply reset the product to resume normal operation.

DE

Die normale Funktion des Produkts kann durch elektromagnetische Interferenzen beeinträchtigt werden. Sollte dies der Fall sein, setzen Sie das Produkt zurück, damit es wieder normal funktioniert.

FR

Le fonctionnement normal du produit peut être perturbé par une interférence électromagnétique. Il suffit dans ce cas de remettre le produit pour qu'il fonctionne à nouveau normalement.

IT

Il normale funzionamento del prodotto potrebbe essere disturbato da forti interferenze elettromagnetiche. In questo caso, resettare il prodotto per ripristinare il normale funzionamento.

NL

Het normale functioneren van het product kan worden verstoord door sterke elektromagnetische interferentie. In dat geval kunt u het product eenvoudig resetten om het weer normaal te laten werken.

ES

Las interferencias electromagnéticas intensas pueden alterar el funcionamiento normal del producto. Si es así, restablezca el producto y continúe usándolo normalmente.

DA

Produktets normale funktion kan forstyrres af stærk elektromagnetisk interferens. Hvis det forekommer, skal produktet nulstilles for at genoptage normal drift.

IS

Öflugt starfsemi vörunnar gæti truflast af hún verður fyrir sterkum rafsegultruflunum. Í slíkum tilvikum þarf aðeins að endurræsa vöruna til að hún gangi eðlilega á ný.

FI

Vahva sähkömagneettinen häiriö voi vaikuttaa tuotteen normaaliin toimintaan. Jos näin käy, palauta toiminto, jolloin se käynnistyy uudelleen.

SV

Produktens normala funktion kan påverkas av stark elektromagnetisk störning. Starta i så fall om produkten för att återställa den.

NO

Produktets normale funksjon kan forstyrres av sterk elektromagnetisk interferens. Tilbakestill i så fall produktet for å gjenoppta normal drift.

PT

O funcionamento normal do produto pode ser perturbado por forte interferência eletromagnética. Se tal acontecer, simplesmente reinicie o produto para retomar o funcionamento normal.

EL

Η κανονική λειτουργία του προϊόντος μπορεί να επηρεαστεί από ισχυρές ηλεκτρομαγνητικές παρεμβολές. Σε αυτή την περίπτωση, απλώς επαναφέρετε το προϊόν.

JA

強力な電磁妨害によって製品が正常に作動しない場合があります。その場合は製品をリセットしてください。

ZH

强电磁干扰可能会影响产品的正常功能。如果出现这种情况，请重启产品以恢复正常功能。

KO

강력한 전자파 방해로 인해 정상적인 제품 작동이 방해 받을 수 있습니다. 이 경우, 제품을 다시 설정하여 정상 작동을 재개하십시오.

RU

На нормальную работу изделия могут оказывать влияние сильные электромагнитные помехи. В этом случае просто произведите сброс, чтобы восстановить нормальную работу изделия.

PL

Silne zakłócenia elektromagnetyczne mogą zaburzyć działanie produktu. W takim przypadku zaleca się zresetowanie produktu w celu przywrócenia jego normalnego działania.

CZ

Normální funkce výrobku může být narušena silným elektromagnetickým polem. Pokud se tak stane, nastavte výrobek znovu do normální funkce.

SK

Normálne fungovanie výrobku môže narušiť silné elektromagnetické pole. Ak sa tak stane, výrobok reštartujte, aby sa obnovili základné nastavenia.

HU

A termék normál működését az erős elektromágneses interferencia zavarhatja. Ha ez előfordul, egyszerűen állítsa alaphelyzetbe a terméket, hogy visszatérjen a normál működés.

UA

Нормальному функціонуванню виробу можуть заважати потужні електромагнітні перешкоди. Якщо це трапляється, просто скиньте налаштування, щоб відновити нормальну роботу.

HR

Uobičajeni rad proizvoda mogu ometati snažne elektromagnetske smetnje. U tom slučaju za nastavak normalnog rada jednostavno resetirajte proizvod.

SR

Јаке електромагнетне сметње могу да ометају нормалан рад производа. У том случају поново покрените производ да бисте наставили нормалан рад.

MK

Нормалното функционирање на производот може да биде попречено од силното електромагнетно мешање. Доколку е тој случај, ресетирајте го производот за нормално работење.

SL

Običajno delovanje izdelka lahko zmotijo močne elektromagnetne motnje. Če se to zgodi, izdelek ponastavite, da bo začel spet delovati kot običajno.

RO

Funcționarea normală a produsului poate fi perturbată de interferențele electromagnetice puternice. Într-un astfel de caz, resetați produsul pentru a-și relua funcționarea normală.

BG

Нормалната работа на продукта може да бъде нарушена при наличие на силни електромагнитни смущения. В такъв случай нулирайте продукта, за да възстановите нормалната му работа.

LV

Produkta parastu darbību var ietekmēt spēcīgi elektromagnētiskie traucējumi. Ja tā notiek, vienkārši atiestatiet produktu, lai atjaunotu parastu tā darbību.

ET

Toote tavapärast töötamist võib segada tugev elektromagnetiline häire. Sellisel juhtumisel lähtestage toode tavapärase töö taastamiseks lihtsalt välja ja siis uuesti sisse.

LT

Įprastas produkto funkcijas gali trikdyti stiprūs elektromagnetiniai trukdžiai. Tokiu atveju paprasčiausiai išjunkite ir vėl įjunkite produktą, kad jis pradėtų veikti įprastai.

TR

Güçlü bir elektromanyetik parazit ürünün çalışmasını etkileyebilir. Bu durumda, normal çalışmayı sürdürmek için ürünü sıfırlayın.

AR

قد تتعرض وظائف المنتج العادية لاضطرابات بفعل التداخل الكهرومغناطيسي القوي. في هذه الحالة، قم ببساطة بإعادة ضبط المنتج لاستئناف التشغيل العادي.

ID

Fungsi normal produk ini dapat terganggu oleh gelombang elektromagnetik yang kuat. Jika demikian, cukup atur ulang produk untuk mengembalikan fungsi normalnya.

MS

Fungsi normal produk mungkin terganggu akibat gangguan elektromagnet yang kuat. Jika demikian, cuma setkan semula produk untuk meneruskan operasi normal.

1.5V LR 03 (AAA) x
LEGO and the LEGO logo are trademarks of the/sont des marques de commerce du/son marcas registradas de LEGO Group. ©2017 The LEGO Group. All rights reserved/Tous droits réservés/Todos los derechos reservados.
6200586
